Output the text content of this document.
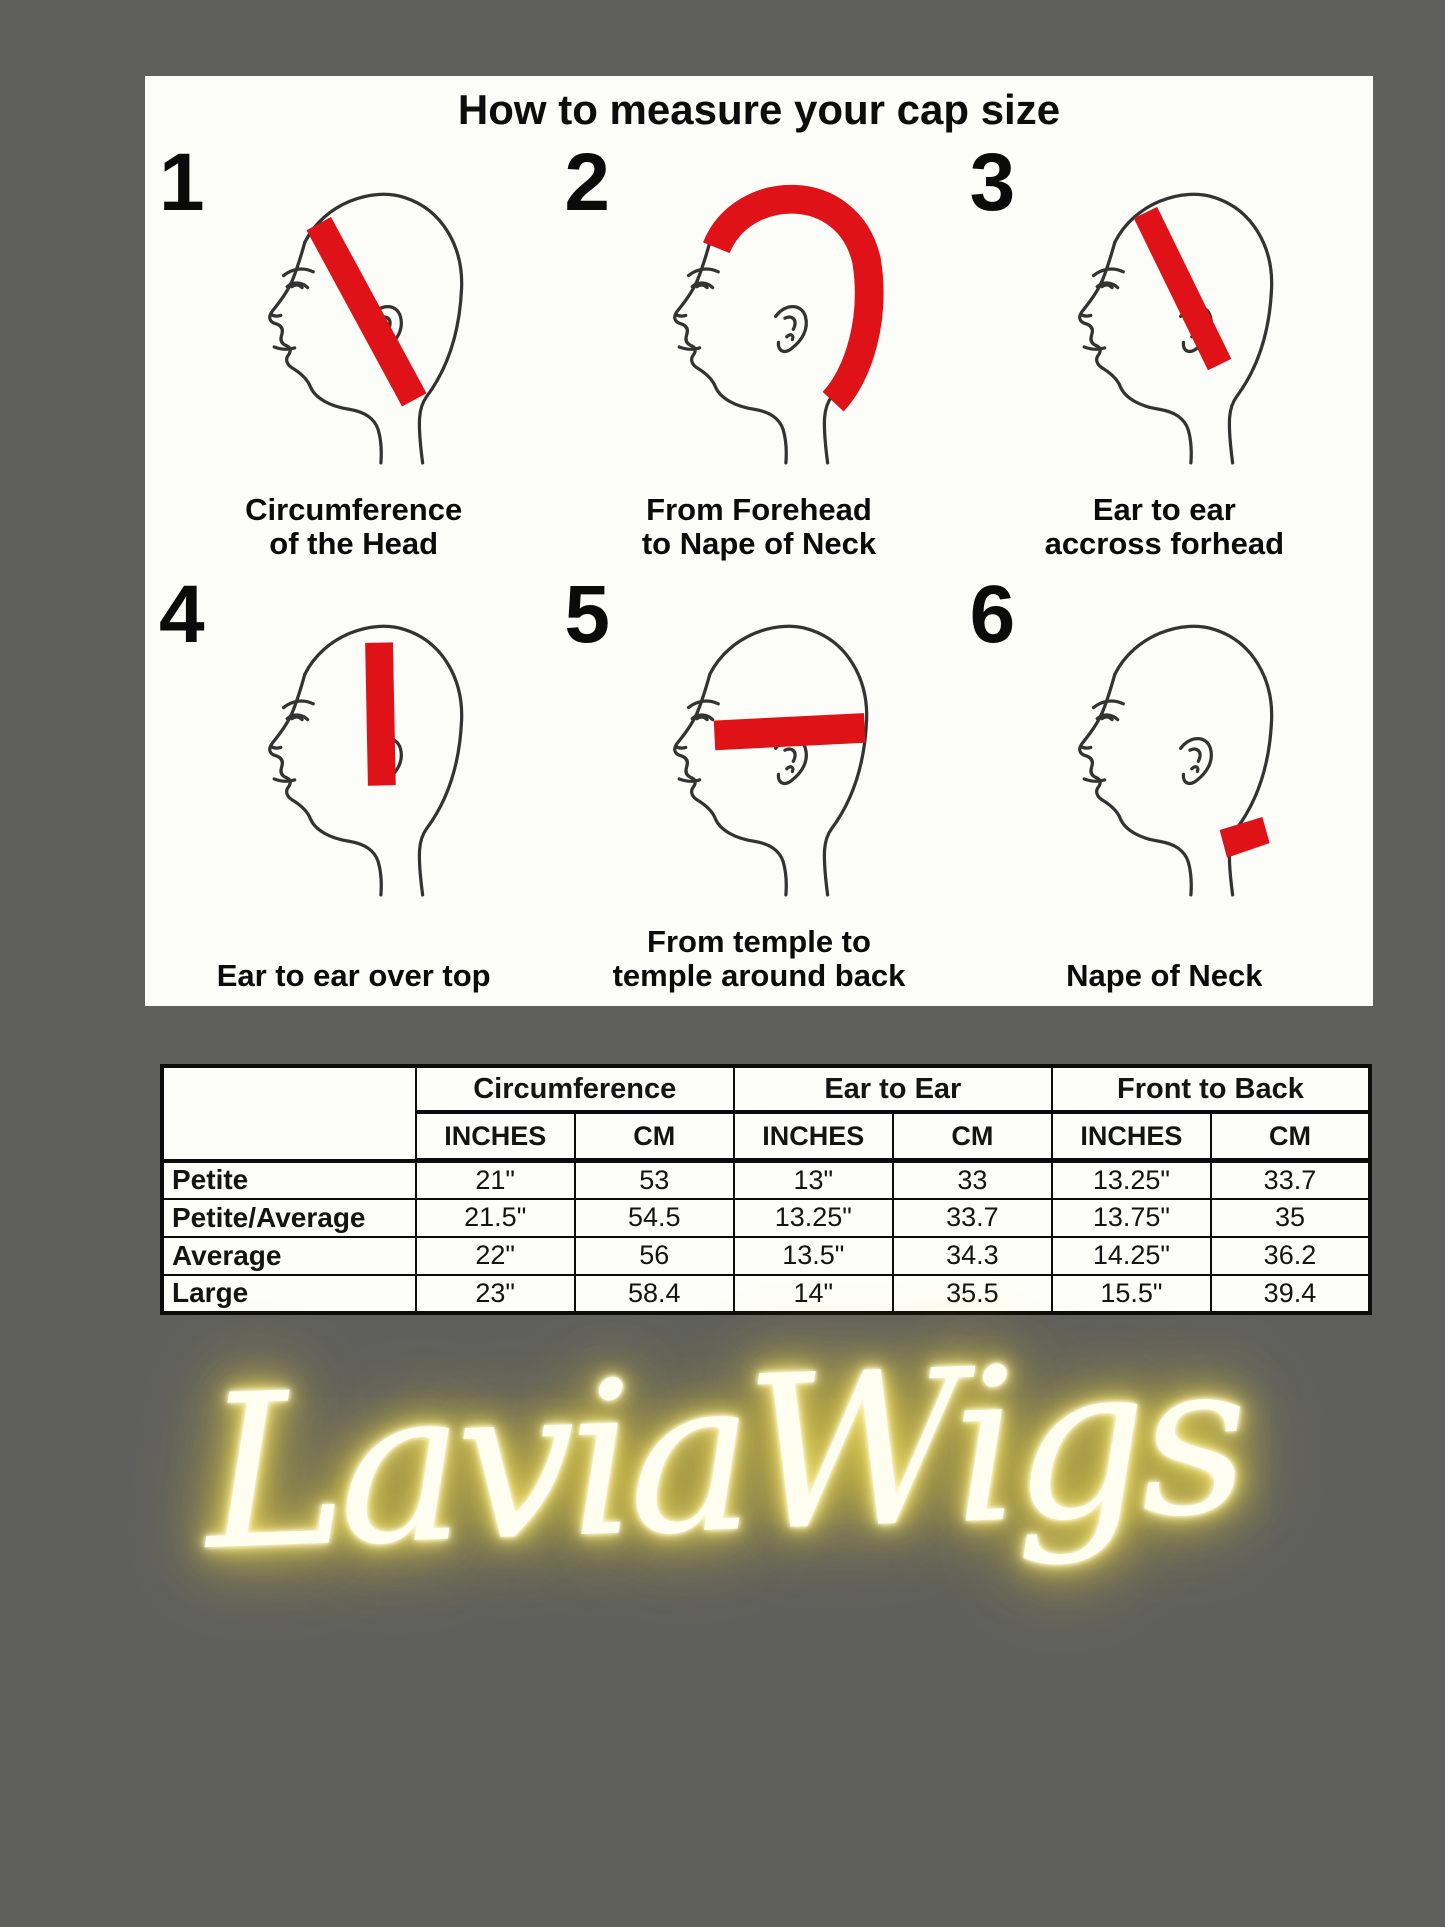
How to measure your cap size
1
Circumference
of the Head
2
From Forehead
to Nape of Neck
3
Ear to ear
accross forhead
4
Ear to ear over top
5
From temple to
temple around back
6
Nape of Neck
	Circumference		Ear to Ear		Front to Back	
	INCHES	CM	INCHES	CM	INCHES	CM
Petite	21"	53	13"	33	13.25"	33.7
Petite/Average	21.5"	54.5	13.25"	33.7	13.75"	35
Average	22"	56	13.5"	34.3	14.25"	36.2
Large	23"	58.4	14"	35.5	15.5"	39.4
LaviaWigs
